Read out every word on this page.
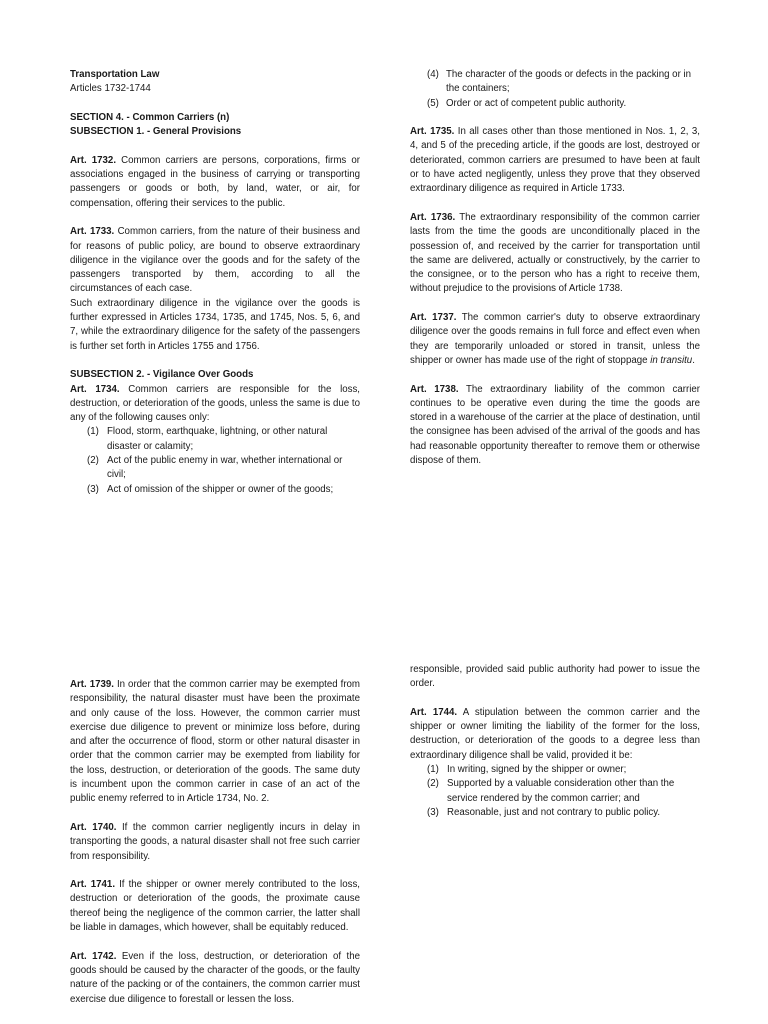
Transportation Law

Articles 1732-1744

SECTION 4. - Common Carriers (n)

SUBSECTION 1. - General Provisions

Art. 1732. Common carriers are persons, corporations, firms or associations engaged in the business of carrying or transporting passengers or goods or both, by land, water, or air, for compensation, offering their services to the public.

Art. 1733. Common carriers, from the nature of their business and for reasons of public policy, are bound to observe extraordinary diligence in the vigilance over the goods and for the safety of the passengers transported by them, according to all the circumstances of each case.

Such extraordinary diligence in the vigilance over the goods is further expressed in Articles 1734, 1735, and 1745, Nos. 5, 6, and 7, while the extraordinary diligence for the safety of the passengers is further set forth in Articles 1755 and 1756.

SUBSECTION 2. - Vigilance Over Goods

Art. 1734. Common carriers are responsible for the loss, destruction, or deterioration of the goods, unless the same is due to any of the following causes only:

(1) Flood, storm, earthquake, lightning, or other natural disaster or calamity;
(2) Act of the public enemy in war, whether international or civil;
(3) Act of omission of the shipper or owner of the goods;
(4) The character of the goods or defects in the packing or in the containers;
(5) Order or act of competent public authority.

Art. 1735. In all cases other than those mentioned in Nos. 1, 2, 3, 4, and 5 of the preceding article, if the goods are lost, destroyed or deteriorated, common carriers are presumed to have been at fault or to have acted negligently, unless they prove that they observed extraordinary diligence as required in Article 1733.

Art. 1736. The extraordinary responsibility of the common carrier lasts from the time the goods are unconditionally placed in the possession of, and received by the carrier for transportation until the same are delivered, actually or constructively, by the carrier to the consignee, or to the person who has a right to receive them, without prejudice to the provisions of Article 1738.

Art. 1737. The common carrier's duty to observe extraordinary diligence over the goods remains in full force and effect even when they are temporarily unloaded or stored in transit, unless the shipper or owner has made use of the right of stoppage in transitu.

Art. 1738. The extraordinary liability of the common carrier continues to be operative even during the time the goods are stored in a warehouse of the carrier at the place of destination, until the consignee has been advised of the arrival of the goods and has had reasonable opportunity thereafter to remove them or otherwise dispose of them.

Art. 1739. In order that the common carrier may be exempted from responsibility, the natural disaster must have been the proximate and only cause of the loss. However, the common carrier must exercise due diligence to prevent or minimize loss before, during and after the occurrence of flood, storm or other natural disaster in order that the common carrier may be exempted from liability for the loss, destruction, or deterioration of the goods. The same duty is incumbent upon the common carrier in case of an act of the public enemy referred to in Article 1734, No. 2.

Art. 1740. If the common carrier negligently incurs in delay in transporting the goods, a natural disaster shall not free such carrier from responsibility.

Art. 1741. If the shipper or owner merely contributed to the loss, destruction or deterioration of the goods, the proximate cause thereof being the negligence of the common carrier, the latter shall be liable in damages, which however, shall be equitably reduced.

Art. 1742. Even if the loss, destruction, or deterioration of the goods should be caused by the character of the goods, or the faulty nature of the packing or of the containers, the common carrier must exercise due diligence to forestall or lessen the loss.

responsible, provided said public authority had power to issue the order.

Art. 1744. A stipulation between the common carrier and the shipper or owner limiting the liability of the former for the loss, destruction, or deterioration of the goods to a degree less than extraordinary diligence shall be valid, provided it be:

(1) In writing, signed by the shipper or owner;
(2) Supported by a valuable consideration other than the service rendered by the common carrier; and
(3) Reasonable, just and not contrary to public policy.
